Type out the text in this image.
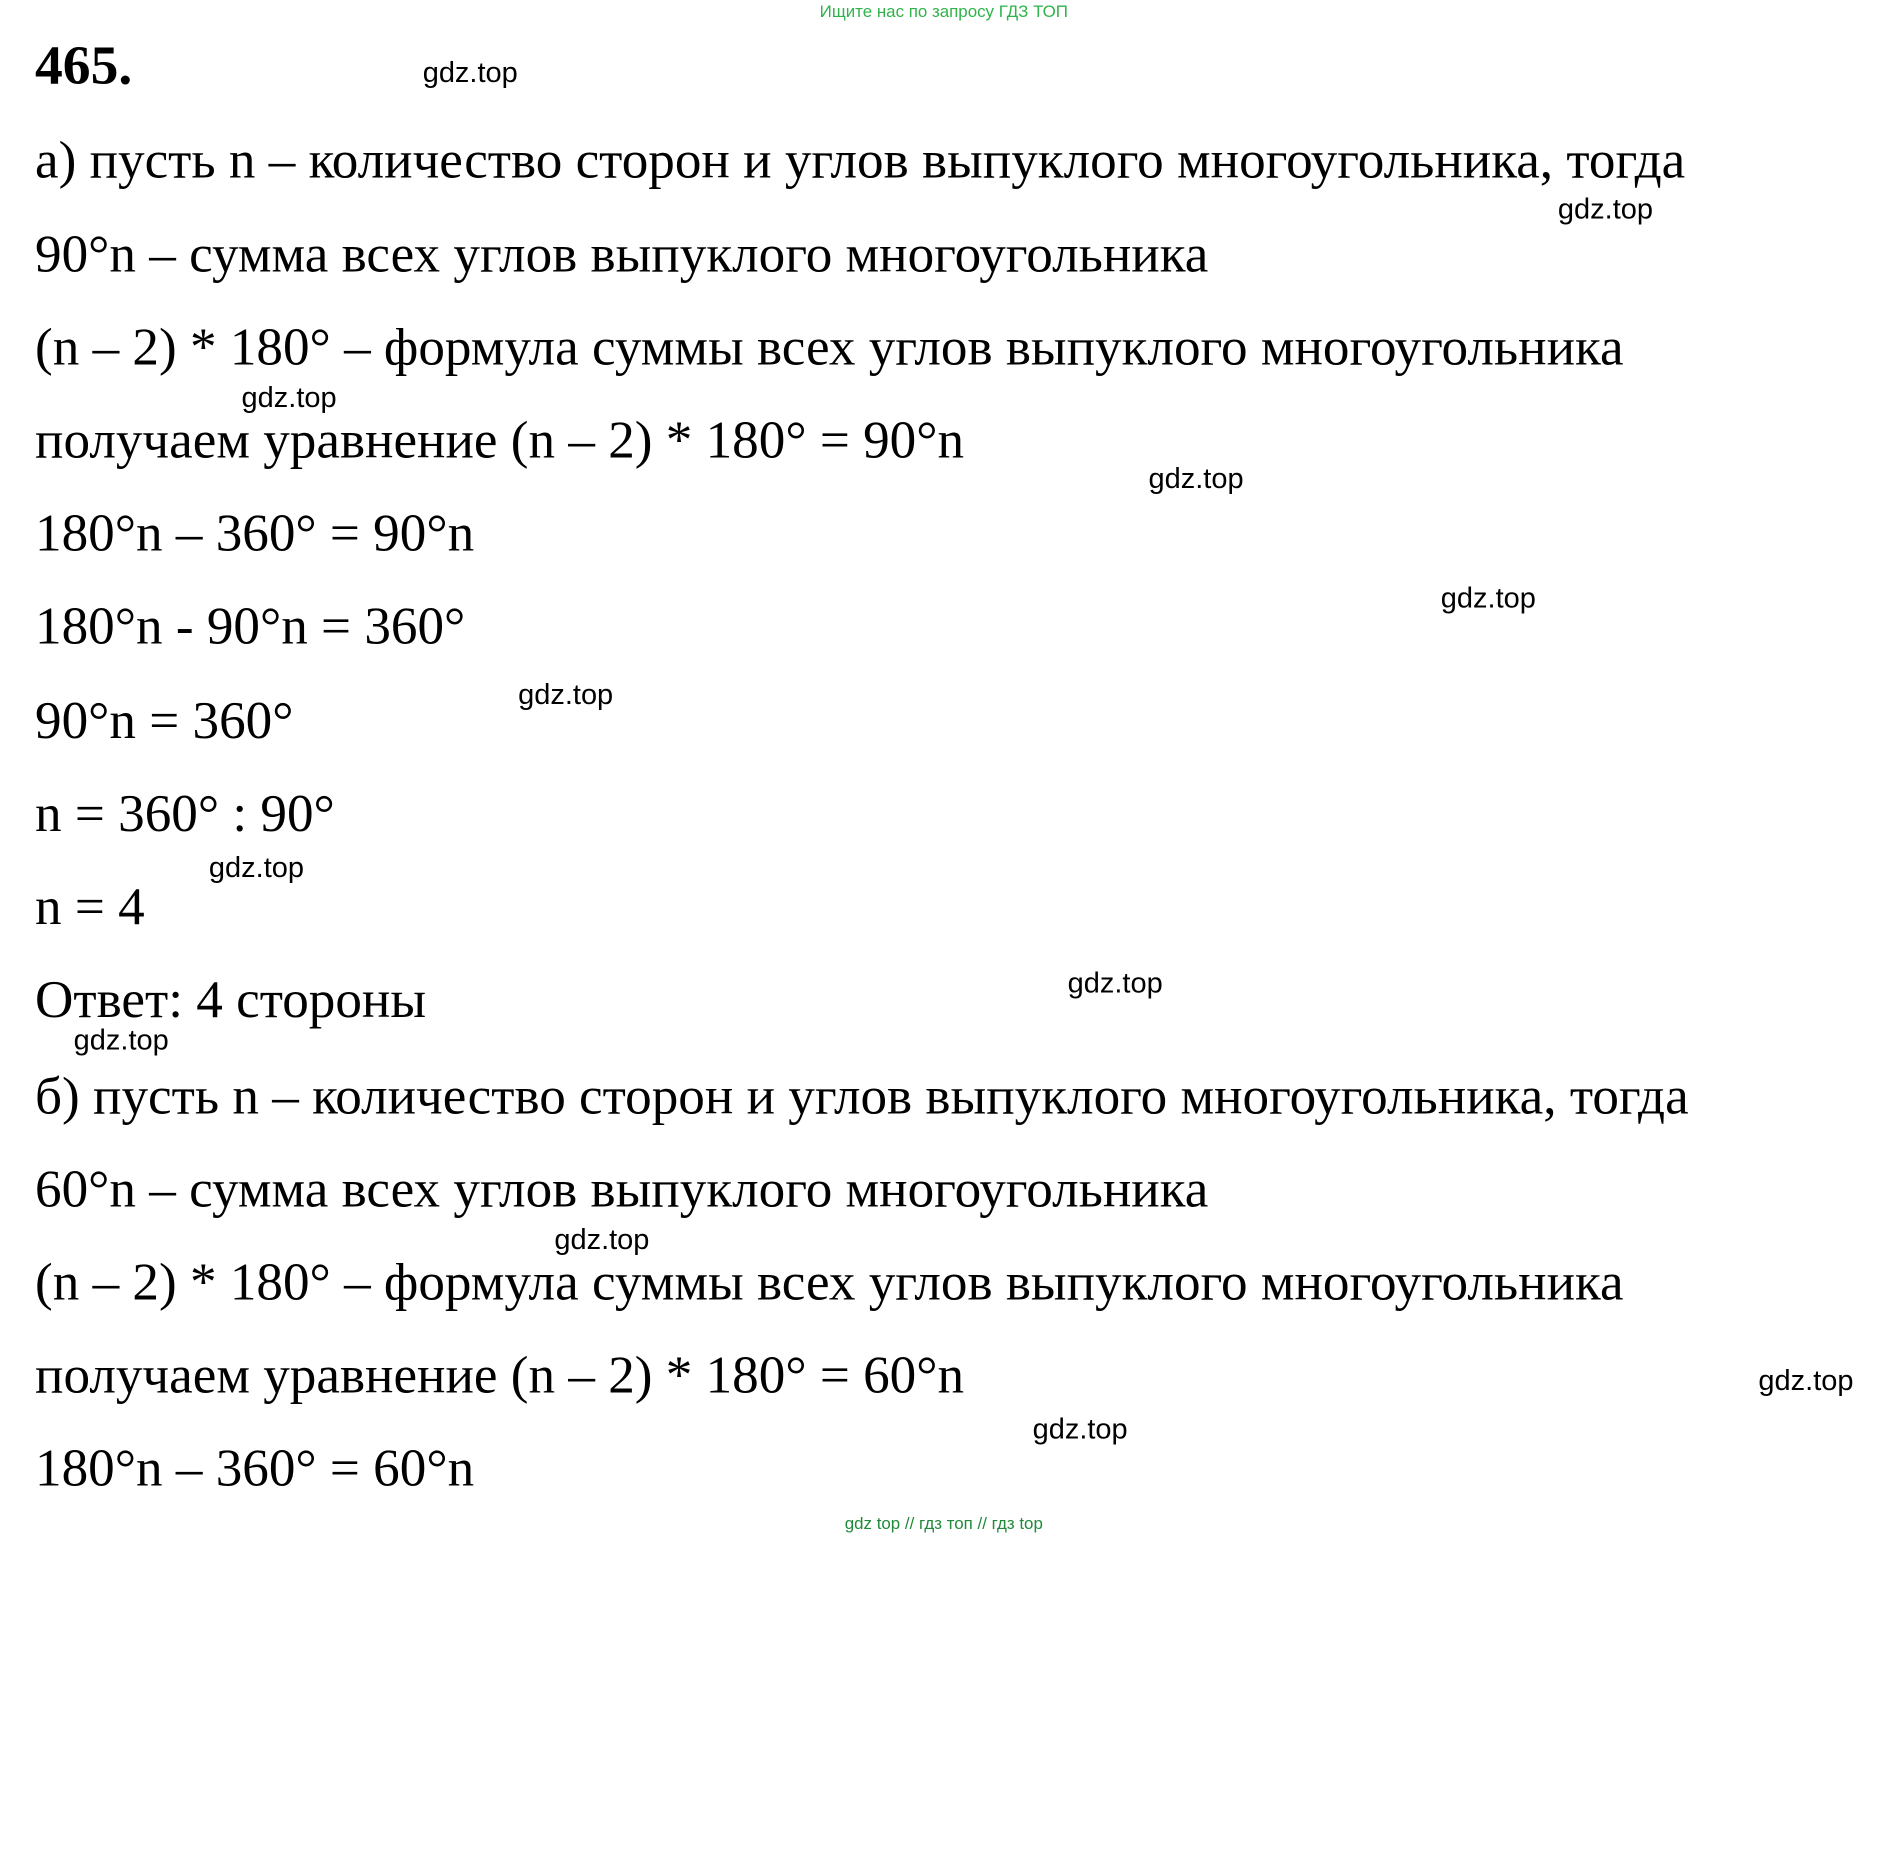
Ищите нас по запросу ГДЗ ТОП
465.
а) пусть n – количество сторон и углов выпуклого многоугольника, тогда
90°n – сумма всех углов выпуклого многоугольника
(n – 2) * 180° – формула суммы всех углов выпуклого многоугольника
получаем уравнение (n – 2) * 180° = 90°n
180°n – 360° = 90°n
180°n - 90°n = 360°
90°n = 360°
n = 360° : 90°
n = 4
Ответ: 4 стороны
б) пусть n – количество сторон и углов выпуклого многоугольника, тогда
60°n – сумма всех углов выпуклого многоугольника
(n – 2) * 180° – формула суммы всех углов выпуклого многоугольника
получаем уравнение (n – 2) * 180° = 60°n
180°n – 360° = 60°n
gdz.top
gdz.top
gdz.top
gdz.top
gdz.top
gdz.top
gdz.top
gdz.top
gdz.top
gdz.top
gdz.top
gdz.top
gdz top // гдз топ // гдз top
